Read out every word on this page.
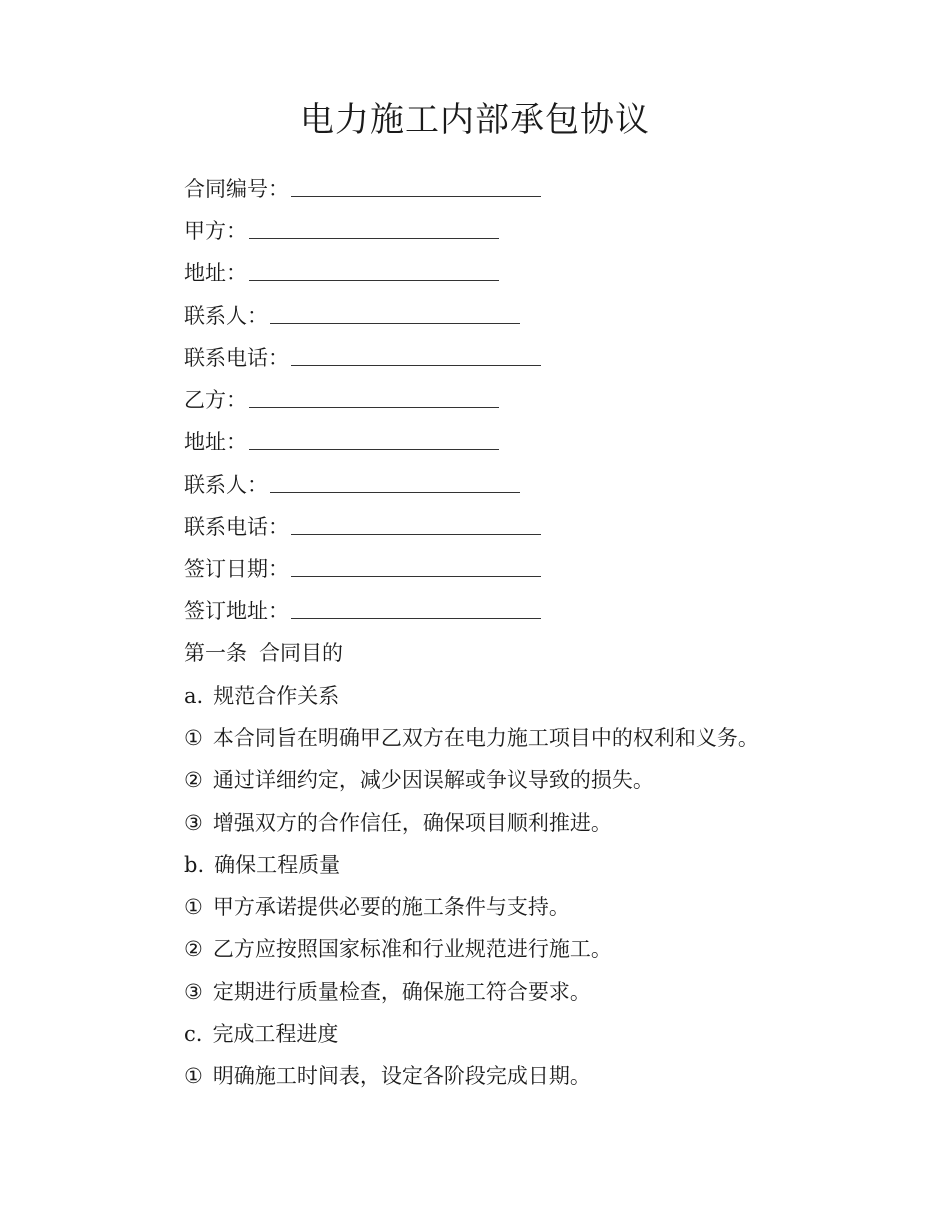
电力施工内部承包协议
合同编号：
甲方：
地址：
联系人：
联系电话：
乙方：
地址：
联系人：
联系电话：
签订日期：
签订地址：
第一条 合同目的
a. 规范合作关系
① 本合同旨在明确甲乙双方在电力施工项目中的权利和义务。
② 通过详细约定，减少因误解或争议导致的损失。
③ 增强双方的合作信任，确保项目顺利推进。
b. 确保工程质量
① 甲方承诺提供必要的施工条件与支持。
② 乙方应按照国家标准和行业规范进行施工。
③ 定期进行质量检查，确保施工符合要求。
c. 完成工程进度
① 明确施工时间表，设定各阶段完成日期。
